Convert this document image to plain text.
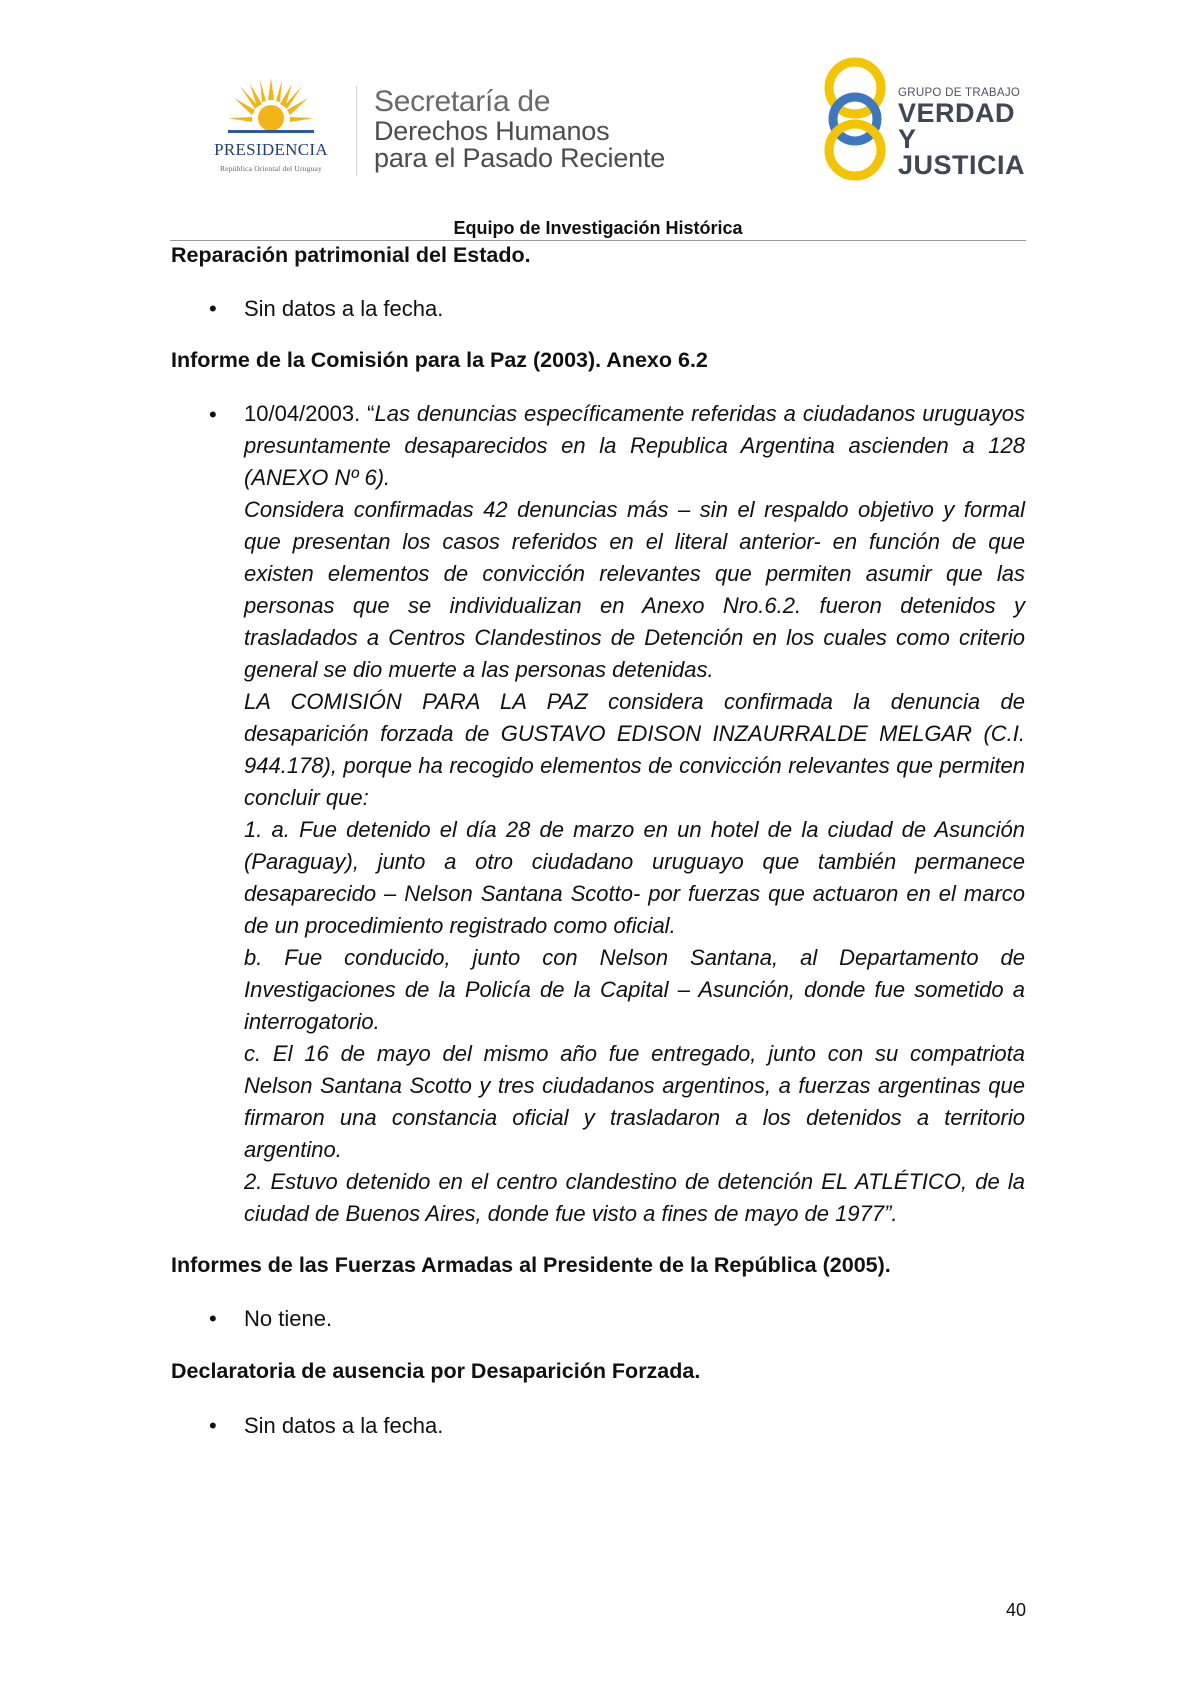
PRESIDENCIA
República Oriental del Uruguay
Secretaría de
Derechos Humanos
para el Pasado Reciente
GRUPO DE TRABAJO
VERDAD Y
JUSTICIA
Equipo de Investigación Histórica
Reparación patrimonial del Estado.
• Sin datos a la fecha.
Informe de la Comisión para la Paz (2003). Anexo 6.2
• 10/04/2003. “Las denuncias específicamente referidas a ciudadanos uruguayos presuntamente desaparecidos en la Republica Argentina ascienden a 128 (ANEXO Nº 6).

Considera confirmadas 42 denuncias más – sin el respaldo objetivo y formal que presentan los casos referidos en el literal anterior- en función de que existen elementos de convicción relevantes que permiten asumir que las personas que se individualizan en Anexo Nro.6.2. fueron detenidos y trasladados a Centros Clandestinos de Detención en los cuales como criterio general se dio muerte a las personas detenidas.

LA COMISIÓN PARA LA PAZ considera confirmada la denuncia de desaparición forzada de GUSTAVO EDISON INZAURRALDE MELGAR (C.I. 944.178), porque ha recogido elementos de convicción relevantes que permiten concluir que:

1. a. Fue detenido el día 28 de marzo en un hotel de la ciudad de Asunción (Paraguay), junto a otro ciudadano uruguayo que también permanece desaparecido – Nelson Santana Scotto- por fuerzas que actuaron en el marco de un procedimiento registrado como oficial.

b. Fue conducido, junto con Nelson Santana, al Departamento de Investigaciones de la Policía de la Capital – Asunción, donde fue sometido a interrogatorio.

c. El 16 de mayo del mismo año fue entregado, junto con su compatriota Nelson Santana Scotto y tres ciudadanos argentinos, a fuerzas argentinas que firmaron una constancia oficial y trasladaron a los detenidos a territorio argentino.

2. Estuvo detenido en el centro clandestino de detención EL ATLÉTICO, de la ciudad de Buenos Aires, donde fue visto a fines de mayo de 1977”.

Informes de las Fuerzas Armadas al Presidente de la República (2005).
• No tiene.
Declaratoria de ausencia por Desaparición Forzada.
• Sin datos a la fecha.
40
